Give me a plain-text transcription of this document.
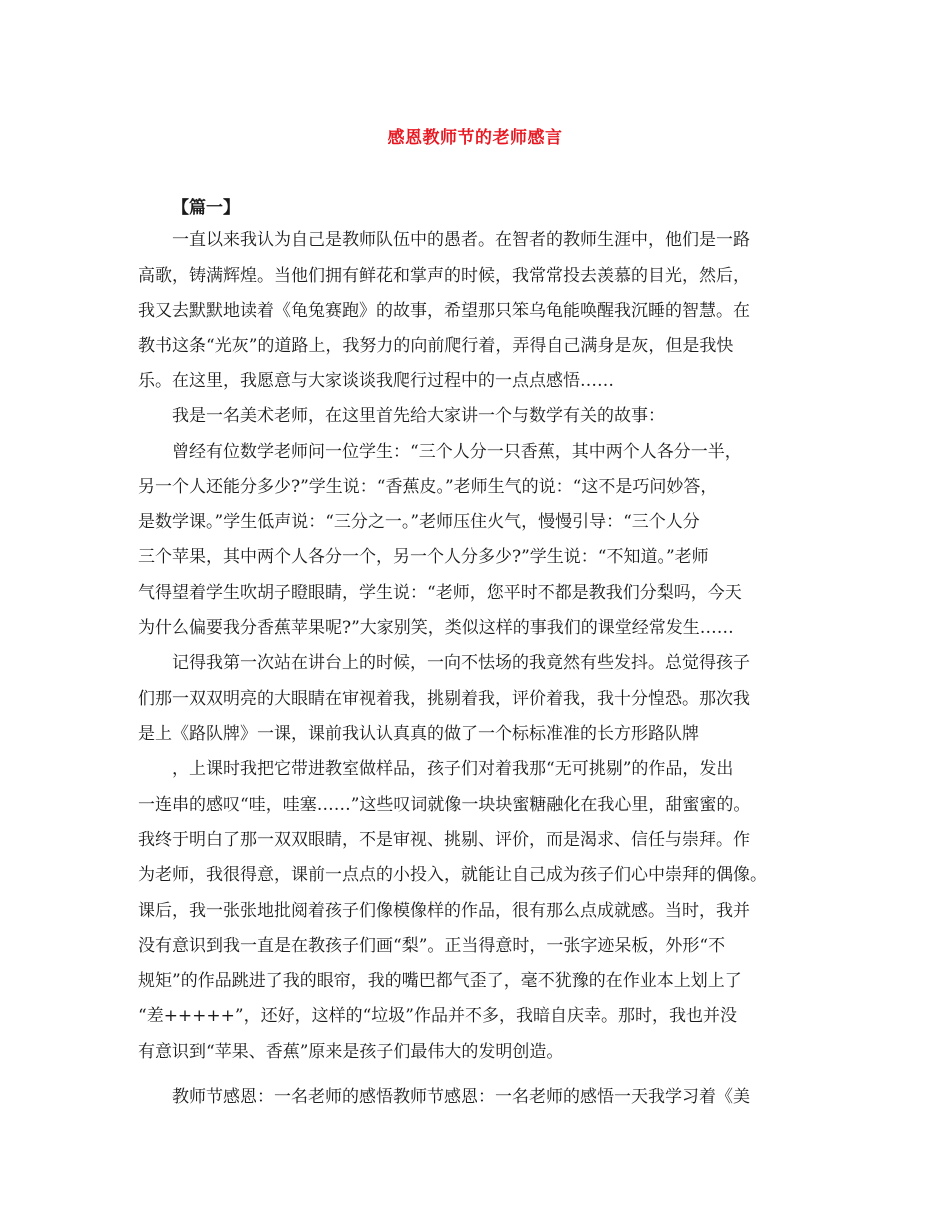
感恩教师节的老师感言

【篇一】

一直以来我认为自己是教师队伍中的愚者。在智者的教师生涯中，他们是一路

高歌，铸满辉煌。当他们拥有鲜花和掌声的时候，我常常投去羡慕的目光，然后，

我又去默默地读着《龟兔赛跑》的故事，希望那只笨乌龟能唤醒我沉睡的智慧。在

教书这条“光灰”的道路上，我努力的向前爬行着，弄得自己满身是灰，但是我快

乐。在这里，我愿意与大家谈谈我爬行过程中的一点点感悟……

我是一名美术老师，在这里首先给大家讲一个与数学有关的故事：

曾经有位数学老师问一位学生：“三个人分一只香蕉，其中两个人各分一半，

另一个人还能分多少?”学生说：“香蕉皮。”老师生气的说：“这不是巧问妙答，

是数学课。”学生低声说：“三分之一。”老师压住火气，慢慢引导：“三个人分

三个苹果，其中两个人各分一个，另一个人分多少?”学生说：“不知道。”老师

气得望着学生吹胡子瞪眼睛，学生说：“老师，您平时不都是教我们分梨吗，今天

为什么偏要我分香蕉苹果呢?”大家别笑，类似这样的事我们的课堂经常发生……

记得我第一次站在讲台上的时候，一向不怯场的我竟然有些发抖。总觉得孩子

们那一双双明亮的大眼睛在审视着我，挑剔着我，评价着我，我十分惶恐。那次我

是上《路队牌》一课，课前我认认真真的做了一个标标准准的长方形路队牌

，上课时我把它带进教室做样品，孩子们对着我那“无可挑剔”的作品，发出

一连串的感叹“哇，哇塞……”这些叹词就像一块块蜜糖融化在我心里，甜蜜蜜的。

我终于明白了那一双双眼睛，不是审视、挑剔、评价，而是渴求、信任与崇拜。作

为老师，我很得意，课前一点点的小投入，就能让自己成为孩子们心中崇拜的偶像。

课后，我一张张地批阅着孩子们像模像样的作品，很有那么点成就感。当时，我并

没有意识到我一直是在教孩子们画“梨”。正当得意时，一张字迹呆板，外形“不

规矩”的作品跳进了我的眼帘，我的嘴巴都气歪了，毫不犹豫的在作业本上划上了

“差+++++”，还好，这样的“垃圾”作品并不多，我暗自庆幸。那时，我也并没

有意识到“苹果、香蕉”原来是孩子们最伟大的发明创造。

教师节感恩：一名老师的感悟教师节感恩：一名老师的感悟一天我学习着《美
